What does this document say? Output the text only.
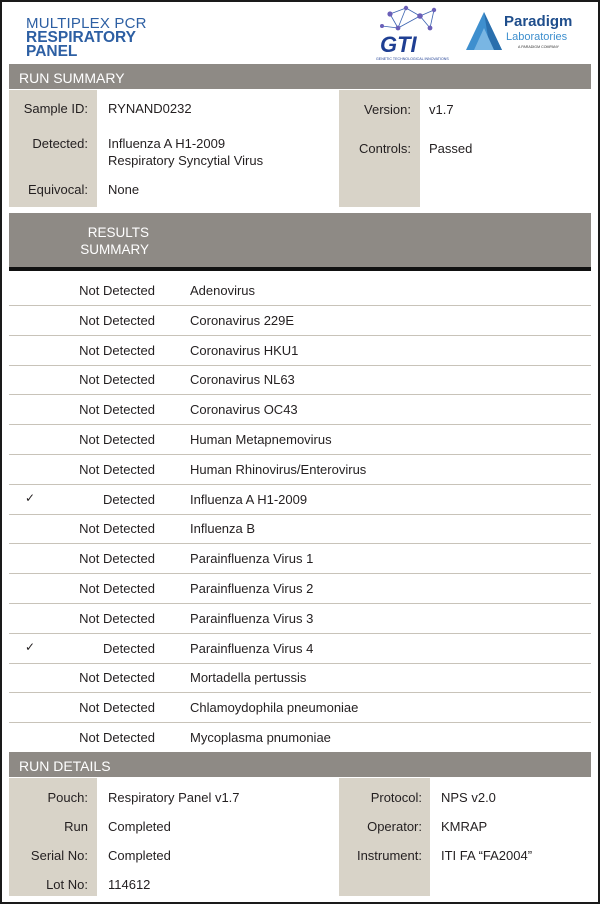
MULTIPLEX PCR
RESPIRATORY
PANEL	GTI
GENETIC TECHNOLOGICAL INNOVATIONS
Paradigm
Laboratories
A PARADIGM COMPANY
RUN SUMMARY
Sample ID: RYNAND0232
Detected: Influenza A H1-2009
Respiratory Syncytial Virus
Equivocal: None
Version: v1.7
Controls: Passed
RESULTS
SUMMARY
Not Detected	Adenovirus
Not Detected	Coronavirus 229E
Not Detected	Coronavirus HKU1
Not Detected	Coronavirus NL63
Not Detected	Coronavirus OC43
Not Detected	Human Metapnemovirus
Not Detected	Human Rhinovirus/Enterovirus
✓	Detected	Influenza A H1-2009
Not Detected	Influenza B
Not Detected	Parainfluenza Virus 1
Not Detected	Parainfluenza Virus 2
Not Detected	Parainfluenza Virus 3
✓	Detected	Parainfluenza Virus 4
Not Detected	Mortadella pertussis
Not Detected	Chlamoydophila pneumoniae
Not Detected	Mycoplasma pnumoniae
RUN DETAILS
Pouch: Respiratory Panel v1.7
Run Completed
Serial No: Completed
Lot No: 114612
Protocol: NPS v2.0
Operator: KMRAP
Instrument: ITI FA “FA2004”
